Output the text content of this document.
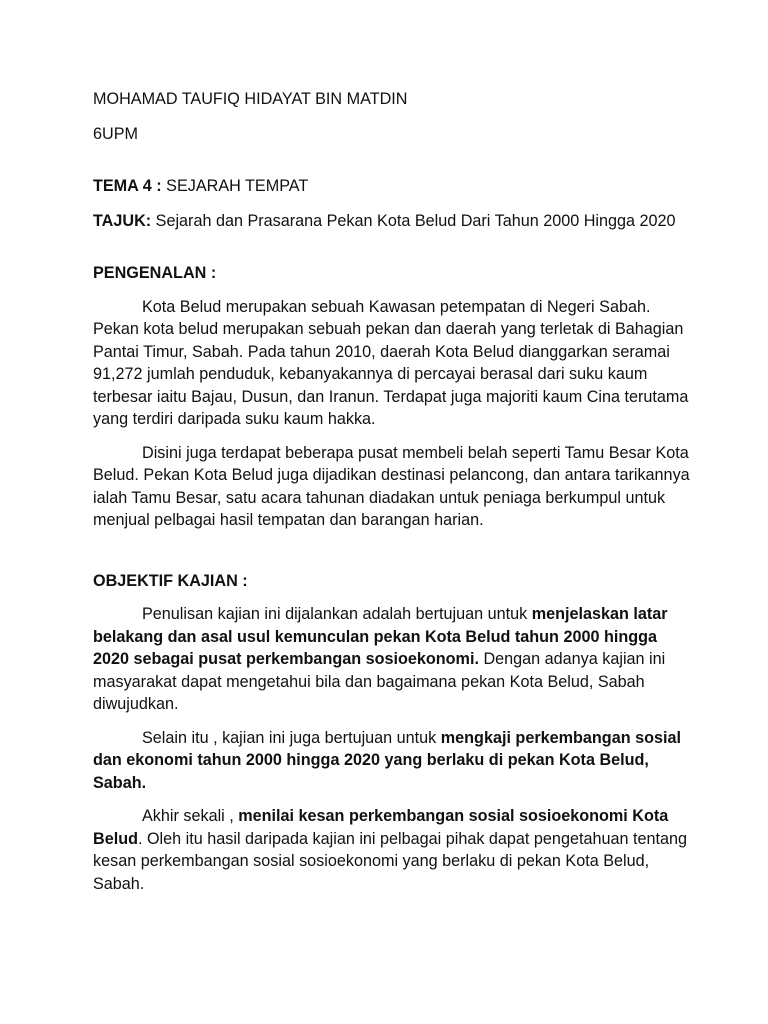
MOHAMAD TAUFIQ HIDAYAT BIN MATDIN

6UPM

TEMA 4 : SEJARAH TEMPAT

TAJUK: Sejarah dan Prasarana Pekan Kota Belud Dari Tahun 2000 Hingga 2020

PENGENALAN :

Kota Belud merupakan sebuah Kawasan petempatan di Negeri Sabah. Pekan kota belud merupakan sebuah pekan dan daerah yang terletak di Bahagian Pantai Timur, Sabah. Pada tahun 2010, daerah Kota Belud dianggarkan seramai 91,272 jumlah penduduk, kebanyakannya di percayai berasal dari suku kaum terbesar iaitu Bajau, Dusun, dan Iranun. Terdapat juga majoriti kaum Cina terutama yang terdiri daripada suku kaum hakka.

Disini juga terdapat beberapa pusat membeli belah seperti Tamu Besar Kota Belud. Pekan Kota Belud juga dijadikan destinasi pelancong, dan antara tarikannya ialah Tamu Besar, satu acara tahunan diadakan untuk peniaga berkumpul untuk menjual pelbagai hasil tempatan dan barangan harian.

OBJEKTIF KAJIAN :

Penulisan kajian ini dijalankan adalah bertujuan untuk menjelaskan latar belakang dan asal usul kemunculan pekan Kota Belud tahun 2000 hingga 2020 sebagai pusat perkembangan sosioekonomi. Dengan adanya kajian ini masyarakat dapat mengetahui bila dan bagaimana pekan Kota Belud, Sabah diwujudkan.

Selain itu , kajian ini juga bertujuan untuk mengkaji perkembangan sosial dan ekonomi tahun 2000 hingga 2020 yang berlaku di pekan Kota Belud, Sabah.

Akhir sekali , menilai kesan perkembangan sosial sosioekonomi Kota Belud. Oleh itu hasil daripada kajian ini pelbagai pihak dapat pengetahuan tentang kesan perkembangan sosial sosioekonomi yang berlaku di pekan Kota Belud, Sabah.
